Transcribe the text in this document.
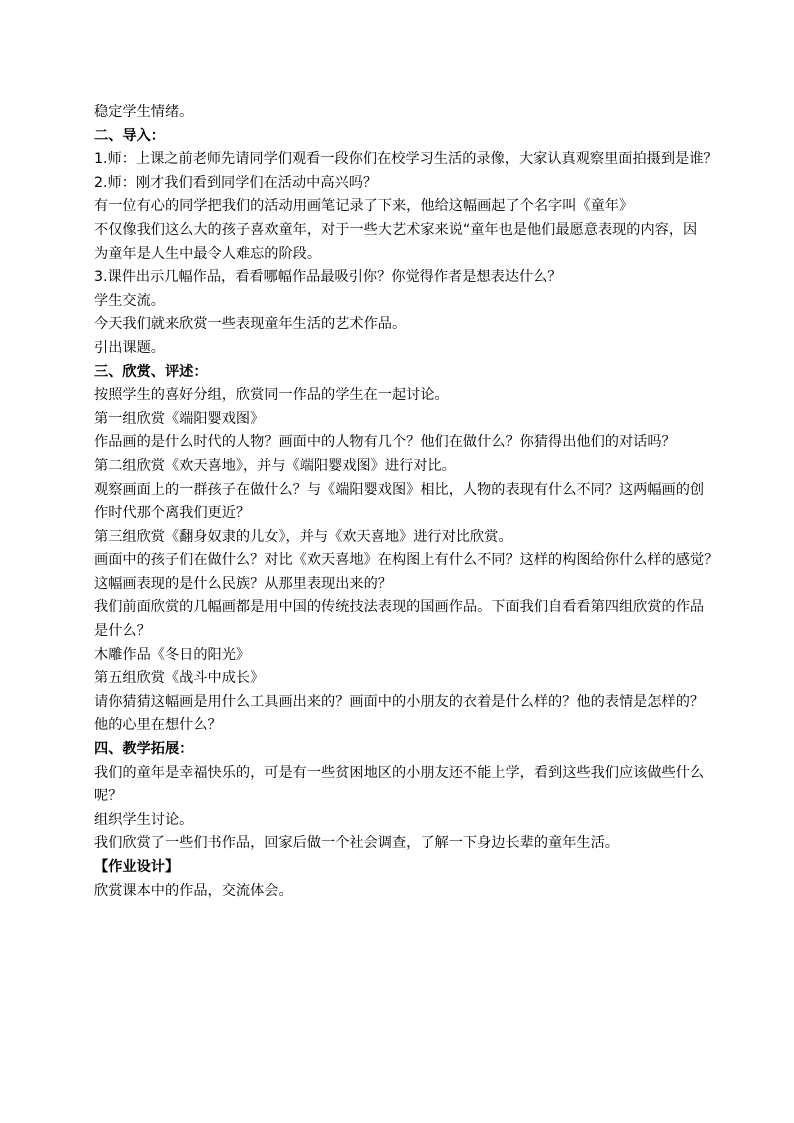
稳定学生情绪。
二、导入：
1.师：上课之前老师先请同学们观看一段你们在校学习生活的录像，大家认真观察里面拍摄到是谁？
2.师：刚才我们看到同学们在活动中高兴吗？
有一位有心的同学把我们的活动用画笔记录了下来，他给这幅画起了个名字叫《童年》
不仅像我们这么大的孩子喜欢童年，对于一些大艺术家来说“童年也是他们最愿意表现的内容，因
为童年是人生中最令人难忘的阶段。
3.课件出示几幅作品，看看哪幅作品最吸引你？你觉得作者是想表达什么？
学生交流。
今天我们就来欣赏一些表现童年生活的艺术作品。
引出课题。
三、欣赏、评述：
按照学生的喜好分组，欣赏同一作品的学生在一起讨论。
第一组欣赏《端阳婴戏图》
作品画的是什么时代的人物？画面中的人物有几个？他们在做什么？你猜得出他们的对话吗？
第二组欣赏《欢天喜地》，并与《端阳婴戏图》进行对比。
观察画面上的一群孩子在做什么？与《端阳婴戏图》相比，人物的表现有什么不同？这两幅画的创
作时代那个离我们更近？
第三组欣赏《翻身奴隶的儿女》，并与《欢天喜地》进行对比欣赏。
画面中的孩子们在做什么？对比《欢天喜地》在构图上有什么不同？这样的构图给你什么样的感觉？
这幅画表现的是什么民族？从那里表现出来的？
我们前面欣赏的几幅画都是用中国的传统技法表现的国画作品。下面我们自看看第四组欣赏的作品
是什么？
木雕作品《冬日的阳光》
第五组欣赏《战斗中成长》
请你猜猜这幅画是用什么工具画出来的？画面中的小朋友的衣着是什么样的？他的表情是怎样的？
他的心里在想什么？
四、教学拓展：
我们的童年是幸福快乐的，可是有一些贫困地区的小朋友还不能上学，看到这些我们应该做些什么
呢？
组织学生讨论。
我们欣赏了一些们书作品，回家后做一个社会调查，了解一下身边长辈的童年生活。
【作业设计】
欣赏课本中的作品，交流体会。
